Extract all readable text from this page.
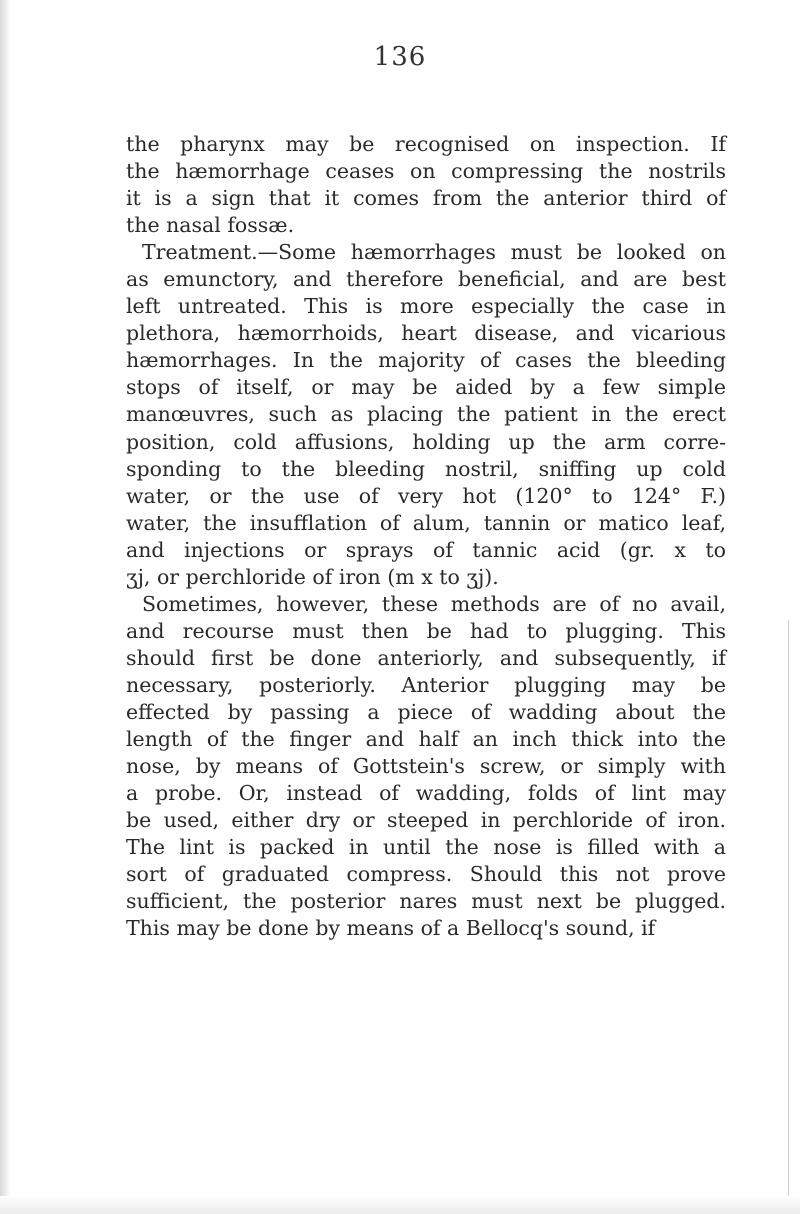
136
the pharynx may be recognised on inspection. If
the hæmorrhage ceases on compressing the nostrils
it is a sign that it comes from the anterior third of
the nasal fossæ.
Treatment.—Some hæmorrhages must be looked on
as emunctory, and therefore beneficial, and are best
left untreated. This is more especially the case in
plethora, hæmorrhoids, heart disease, and vicarious
hæmorrhages. In the majority of cases the bleeding
stops of itself, or may be aided by a few simple
manœuvres, such as placing the patient in the erect
position, cold affusions, holding up the arm corre-
sponding to the bleeding nostril, sniffing up cold
water, or the use of very hot (120° to 124° F.)
water, the insufflation of alum, tannin or matico leaf,
and injections or sprays of tannic acid (gr. x to
ʒj, or perchloride of iron (m x to ʒj).
Sometimes, however, these methods are of no avail,
and recourse must then be had to plugging. This
should first be done anteriorly, and subsequently, if
necessary, posteriorly. Anterior plugging may be
effected by passing a piece of wadding about the
length of the finger and half an inch thick into the
nose, by means of Gottstein's screw, or simply with
a probe. Or, instead of wadding, folds of lint may
be used, either dry or steeped in perchloride of iron.
The lint is packed in until the nose is filled with a
sort of graduated compress. Should this not prove
sufficient, the posterior nares must next be plugged.
This may be done by means of a Bellocq's sound, if
